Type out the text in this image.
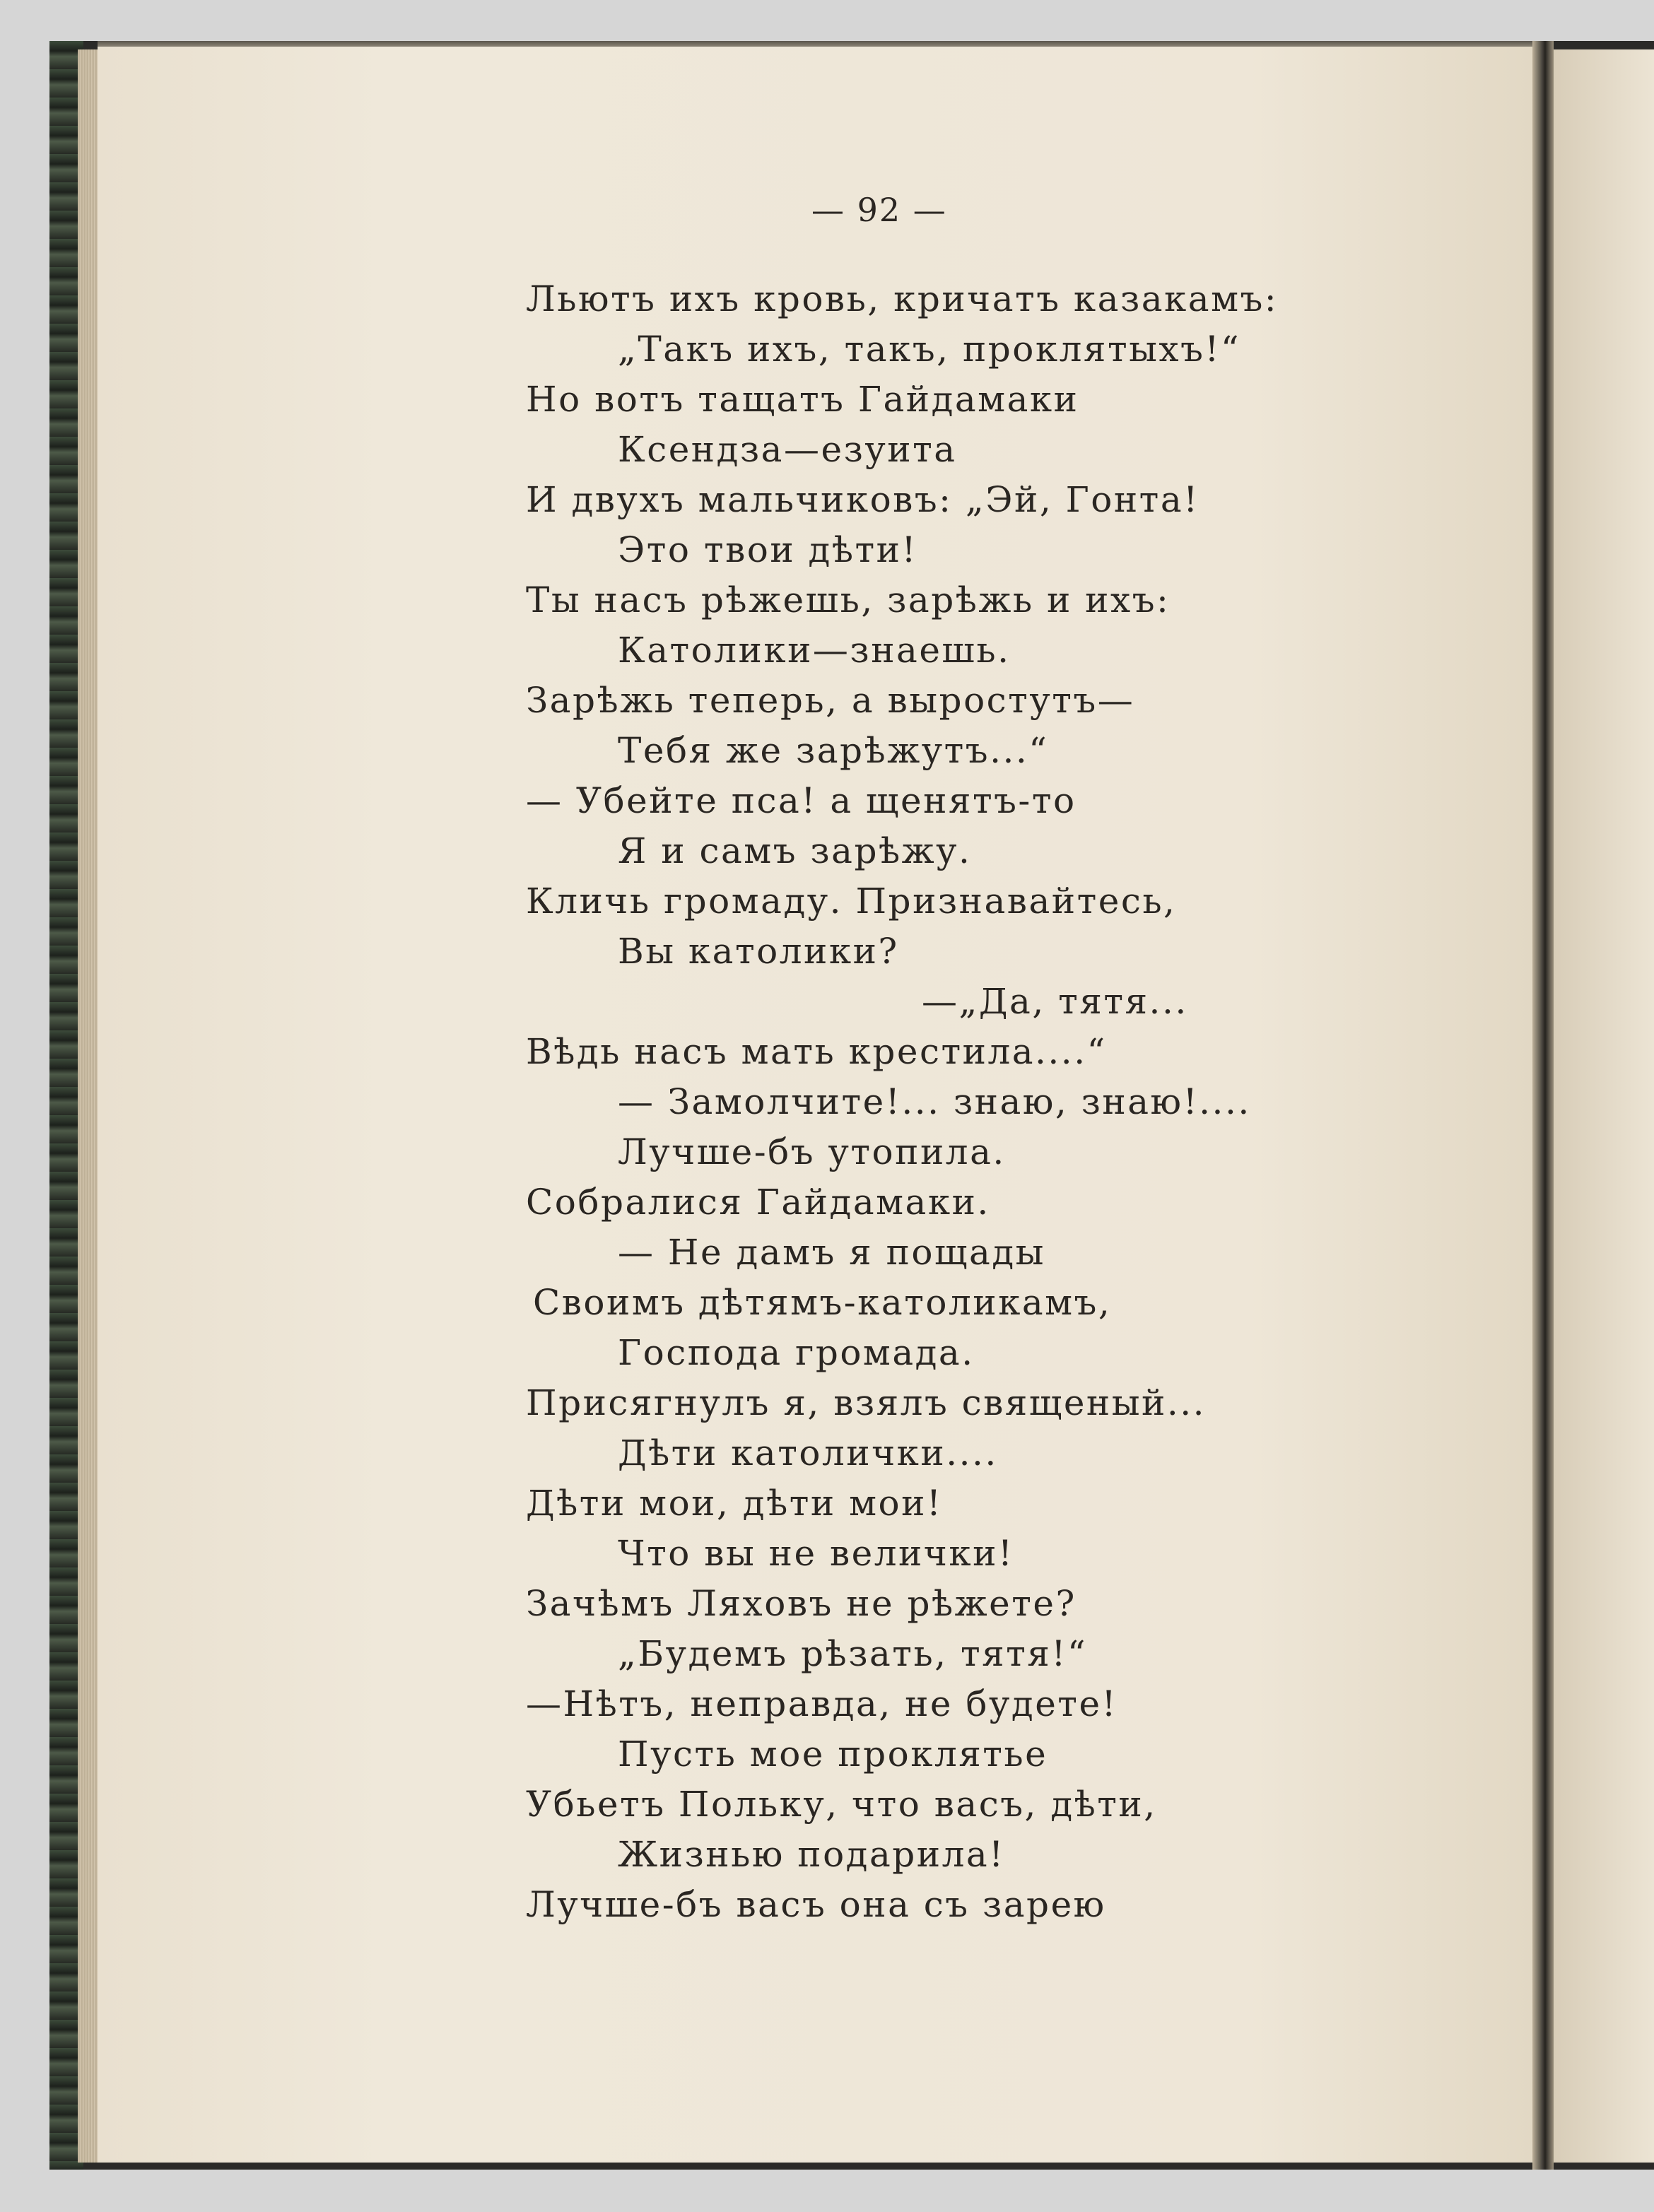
— 92 —
Льютъ ихъ кровь, кричатъ казакамъ:
„Такъ ихъ, такъ, проклятыхъ!“
Но вотъ тащатъ Гайдамаки
Ксендза—езуита
И двухъ мальчиковъ: „Эй, Гонта!
Это твои дѣти!
Ты насъ рѣжешь, зарѣжь и ихъ:
Католики—знаешь.
Зарѣжь теперь, а выростутъ—
Тебя же зарѣжутъ...“
— Убейте пса! а щенятъ-то
Я и самъ зарѣжу.
Кличь громаду. Признавайтесь,
Вы католики?
—„Да, тятя...
Вѣдь насъ мать крестила....“
— Замолчите!... знаю, знаю!....
Лучше-бъ утопила.
Собралися Гайдамаки.
— Не дамъ я пощады
Своимъ дѣтямъ-католикамъ,
Господа громада.
Присягнулъ я, взялъ священый...
Дѣти католички....
Дѣти мои, дѣти мои!
Что вы не велички!
Зачѣмъ Ляховъ не рѣжете?
„Будемъ рѣзать, тятя!“
—Нѣтъ, неправда, не будете!
Пусть мое проклятье
Убьетъ Польку, что васъ, дѣти,
Жизнью подарила!
Лучше-бъ васъ она съ зарею
